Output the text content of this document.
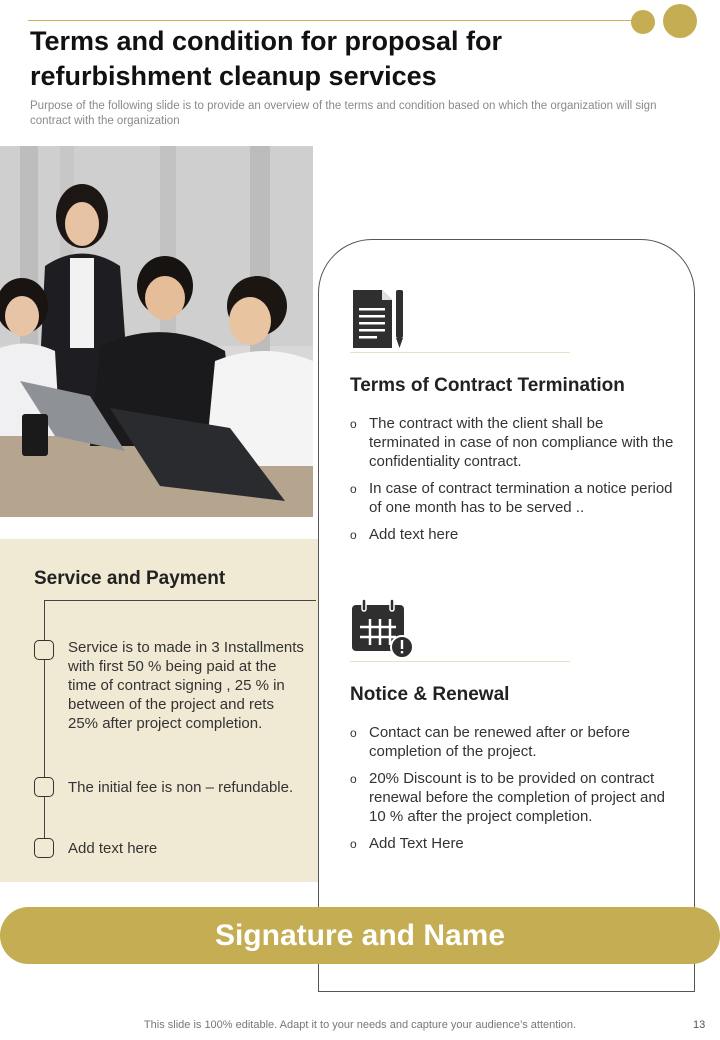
Terms and condition for proposal for refurbishment cleanup services

Purpose of the following slide is to provide an overview of the terms and condition based on which the organization will sign contract with the organization

Service and Payment

Service is to made in 3 Installments with first 50 % being paid at the time of contract signing , 25 % in between of the project and rets 25% after project completion.

The initial fee is non – refundable.

Add text here

Terms of Contract Termination
o The contract with the client shall be terminated in case of non compliance with the confidentiality contract.
o In case of contract termination a notice period of one month has to be served ..
o Add text here
Notice & Renewal
o Contact can be renewed after or before completion of the project.
o 20% Discount is to be provided on contract renewal before the completion of project and 10 % after the project completion.
o Add Text Here
Signature and Name

This slide is 100% editable. Adapt it to your needs and capture your audience’s attention.	13
